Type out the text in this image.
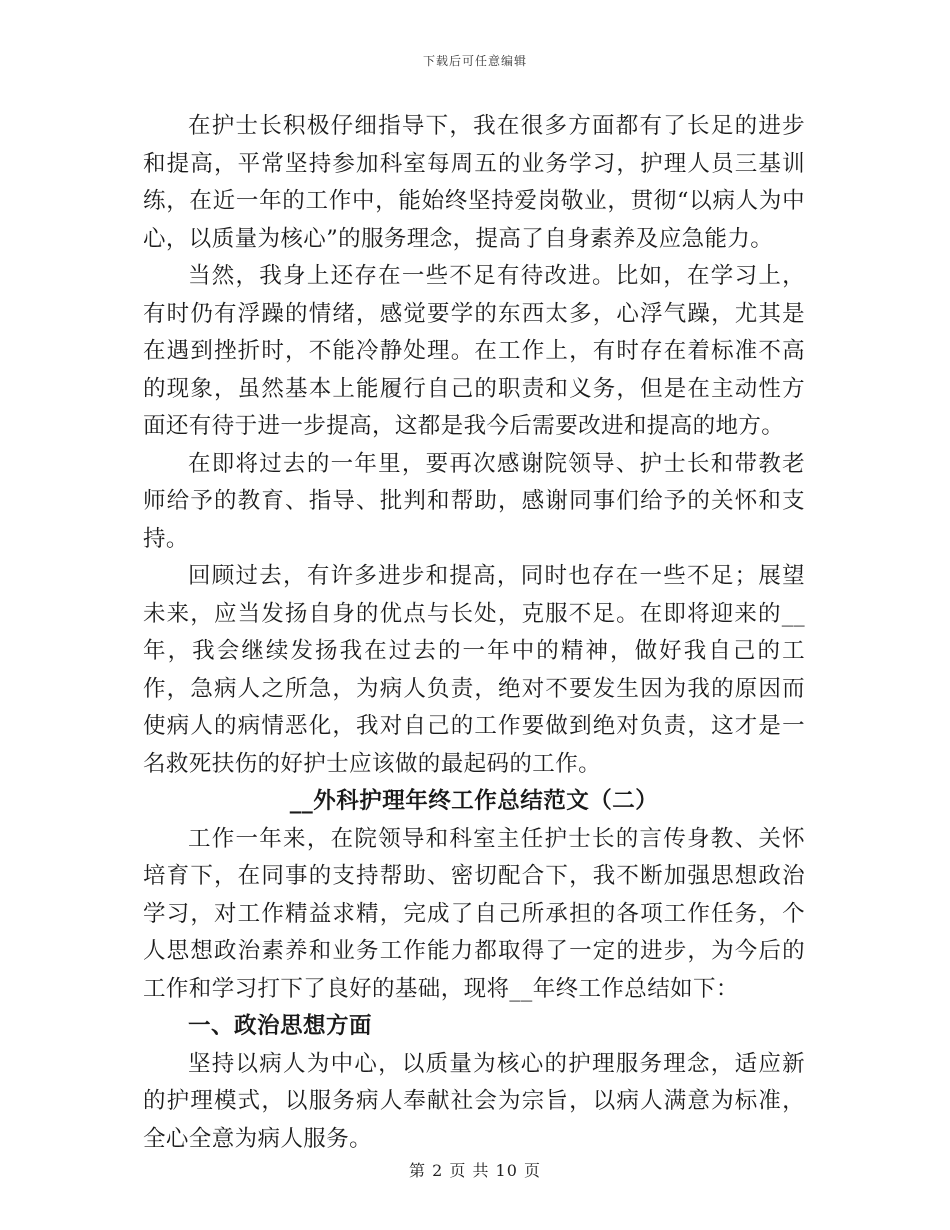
下载后可任意编辑

在护士长积极仔细指导下，我在很多方面都有了长足的进步和提高，平常坚持参加科室每周五的业务学习，护理人员三基训练，在近一年的工作中，能始终坚持爱岗敬业，贯彻“以病人为中心，以质量为核心”的服务理念，提高了自身素养及应急能力。

当然，我身上还存在一些不足有待改进。比如，在学习上，有时仍有浮躁的情绪，感觉要学的东西太多，心浮气躁，尤其是在遇到挫折时，不能冷静处理。在工作上，有时存在着标准不高的现象，虽然基本上能履行自己的职责和义务，但是在主动性方面还有待于进一步提高，这都是我今后需要改进和提高的地方。

在即将过去的一年里，要再次感谢院领导、护士长和带教老师给予的教育、指导、批判和帮助，感谢同事们给予的关怀和支持。

回顾过去，有许多进步和提高，同时也存在一些不足；展望未来，应当发扬自身的优点与长处，克服不足。在即将迎来的__年，我会继续发扬我在过去的一年中的精神，做好我自己的工作，急病人之所急，为病人负责，绝对不要发生因为我的原因而使病人的病情恶化，我对自己的工作要做到绝对负责，这才是一名救死扶伤的好护士应该做的最起码的工作。

__外科护理年终工作总结范文（二）

工作一年来，在院领导和科室主任护士长的言传身教、关怀培育下，在同事的支持帮助、密切配合下，我不断加强思想政治学习，对工作精益求精，完成了自己所承担的各项工作任务，个人思想政治素养和业务工作能力都取得了一定的进步，为今后的工作和学习打下了良好的基础，现将__年终工作总结如下：

一、政治思想方面

坚持以病人为中心，以质量为核心的护理服务理念，适应新的护理模式，以服务病人奉献社会为宗旨，以病人满意为标准，全心全意为病人服务。

第 2 页 共 10 页
